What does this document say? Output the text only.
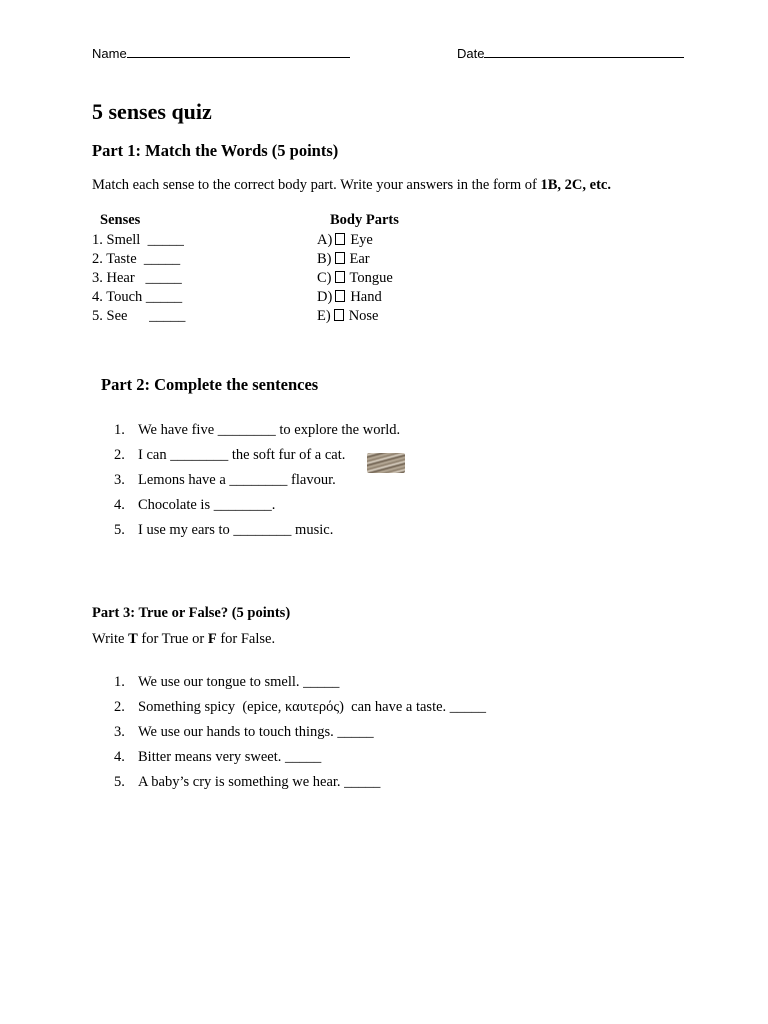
Name	Date
5 senses quiz
Part 1: Match the Words (5 points)
Match each sense to the correct body part. Write your answers in the form of 1B, 2C, etc.
Senses	Body Parts
1. Smell  _____
2. Taste  _____
3. Hear   _____
4. Touch _____
5. See      _____
A) Eye
B) Ear
C) Tongue
D) Hand
E) Nose
Part 2: Complete the sentences
1. We have five ________ to explore the world.
2. I can ________ the soft fur of a cat.
3. Lemons have a ________ flavour.
4. Chocolate is ________.
5. I use my ears to ________ music.
Part 3: True or False? (5 points)
Write T for True or F for False.
1. We use our tongue to smell. _____
2. Something spicy  (epice, καυτερός)  can have a taste. _____
3. We use our hands to touch things. _____
4. Bitter means very sweet. _____
5. A baby’s cry is something we hear. _____
